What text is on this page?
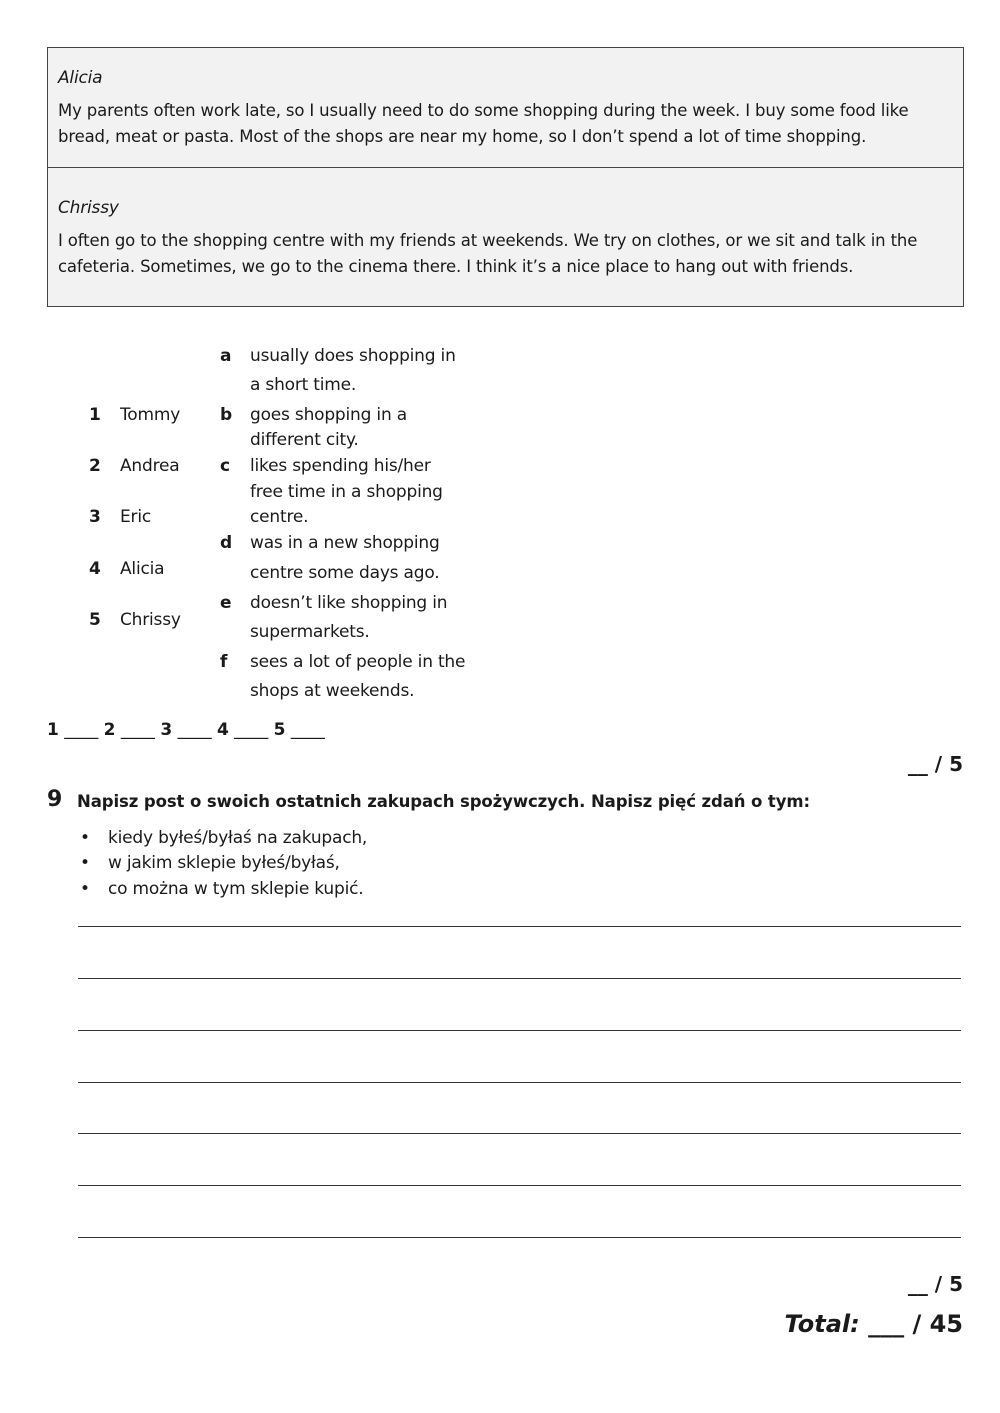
Alicia
My parents often work late, so I usually need to do some shopping during the week. I buy some food like bread, meat or pasta. Most of the shops are near my home, so I don’t spend a lot of time shopping.
Chrissy
I often go to the shopping centre with my friends at weekends. We try on clothes, or we sit and talk in the cafeteria. Sometimes, we go to the cinema there. I think it’s a nice place to hang out with friends.
1 Tommy
2 Andrea
3 Eric
4 Alicia
5 Chrissy
a usually does shopping in
a short time.
b goes shopping in a
different city.
c likes spending his/her
free time in a shopping
centre.
d was in a new shopping
centre some days ago.
e doesn’t like shopping in
supermarkets.
f sees a lot of people in the
shops at weekends.
1 ____ 2 ____ 3 ____ 4 ____ 5 ____
__ / 5
9 Napisz post o swoich ostatnich zakupach spożywczych. Napisz pięć zdań o tym:
• kiedy byłeś/byłaś na zakupach,
• w jakim sklepie byłeś/byłaś,
• co można w tym sklepie kupić.
__ / 5
Total: ___ / 45
